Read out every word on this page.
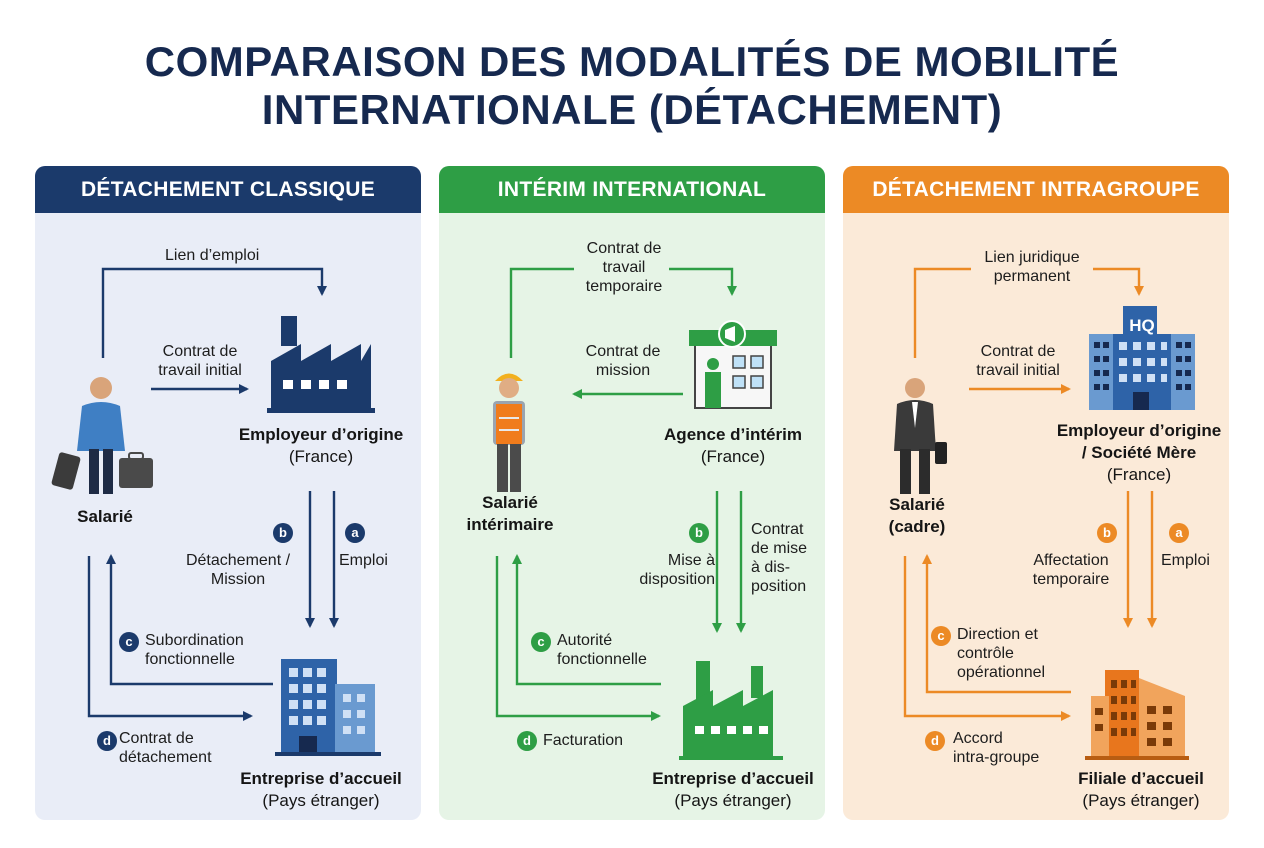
COMPARAISON DES MODALITÉS DE MOBILITÉ
INTERNATIONALE (DÉTACHEMENT)
DÉTACHEMENT CLASSIQUE
Lien d’emploi
Contrat de
travail initial
Employeur d’origine
(France)
Salarié
b	a
Détachement /
Mission
Emploi
c Subordination
fonctionnelle
d Contrat de
détachement
Entreprise d’accueil
(Pays étranger)
INTÉRIM INTERNATIONAL
Contrat de
travail
temporaire
Contrat de
mission
Agence d’intérim
(France)
Salarié
intérimaire	b
Mise à
disposition
Contrat
de mise
à dis-
position
c Autorité
fonctionnelle
d Facturation
Entreprise d’accueil
(Pays étranger)
DÉTACHEMENT INTRAGROUPE
Lien juridique
permanent
HQ
Contrat de
travail initial
Employeur d’origine
/ Société Mère
(France)
Salarié
(cadre)	b	a
Affectation
temporaire
Emploi
c Direction et
contrôle
opérationnel
d Accord
intra-groupe
Filiale d’accueil
(Pays étranger)
